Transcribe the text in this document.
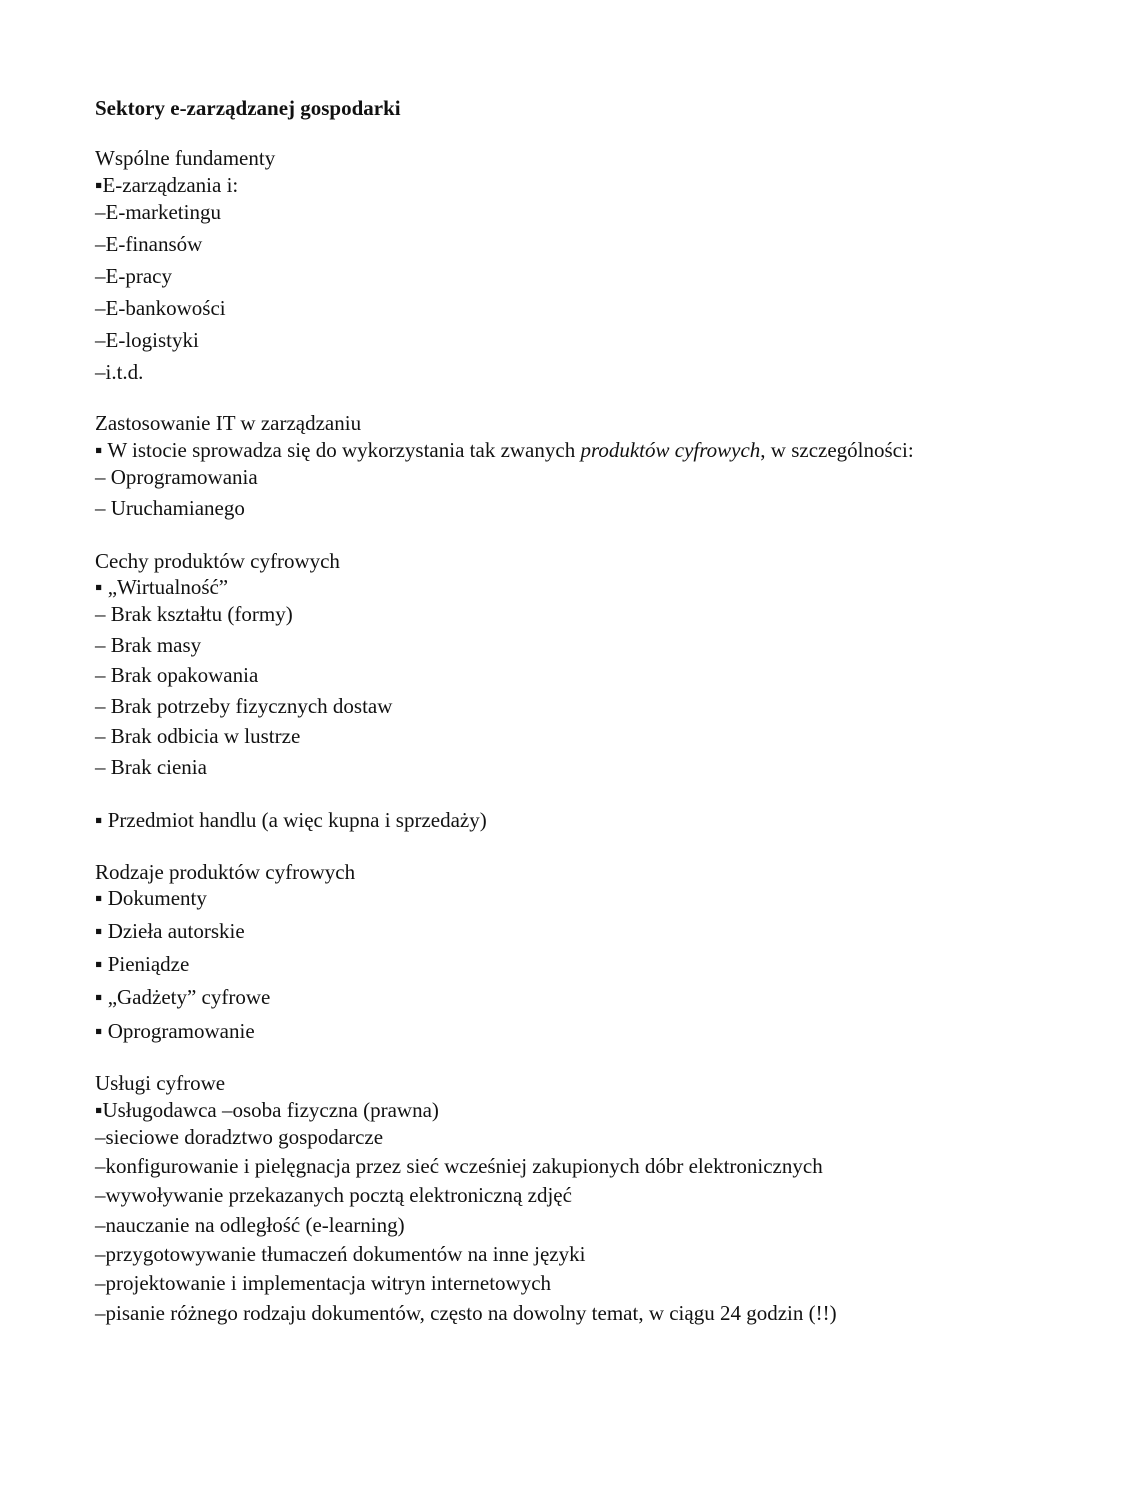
Sektory e-zarządzanej gospodarki
Wspólne fundamenty
▪E-zarządzania i:
–E-marketingu
–E-finansów
–E-pracy
–E-bankowości
–E-logistyki
–i.t.d.
Zastosowanie IT w zarządzaniu
▪ W istocie sprowadza się do wykorzystania tak zwanych produktów cyfrowych, w szczególności:
– Oprogramowania
– Uruchamianego
Cechy produktów cyfrowych
▪ „Wirtualność”
– Brak kształtu (formy)
– Brak masy
– Brak opakowania
– Brak potrzeby fizycznych dostaw
– Brak odbicia w lustrze
– Brak cienia
▪ Przedmiot handlu (a więc kupna i sprzedaży)
Rodzaje produktów cyfrowych
▪ Dokumenty
▪ Dzieła autorskie
▪ Pieniądze
▪ „Gadżety” cyfrowe
▪ Oprogramowanie
Usługi cyfrowe
▪Usługodawca –osoba fizyczna (prawna)
–sieciowe doradztwo gospodarcze
–konfigurowanie i pielęgnacja przez sieć wcześniej zakupionych dóbr elektronicznych
–wywoływanie przekazanych pocztą elektroniczną zdjęć
–nauczanie na odległość (e-learning)
–przygotowywanie tłumaczeń dokumentów na inne języki
–projektowanie i implementacja witryn internetowych
–pisanie różnego rodzaju dokumentów, często na dowolny temat, w ciągu 24 godzin (!!)
